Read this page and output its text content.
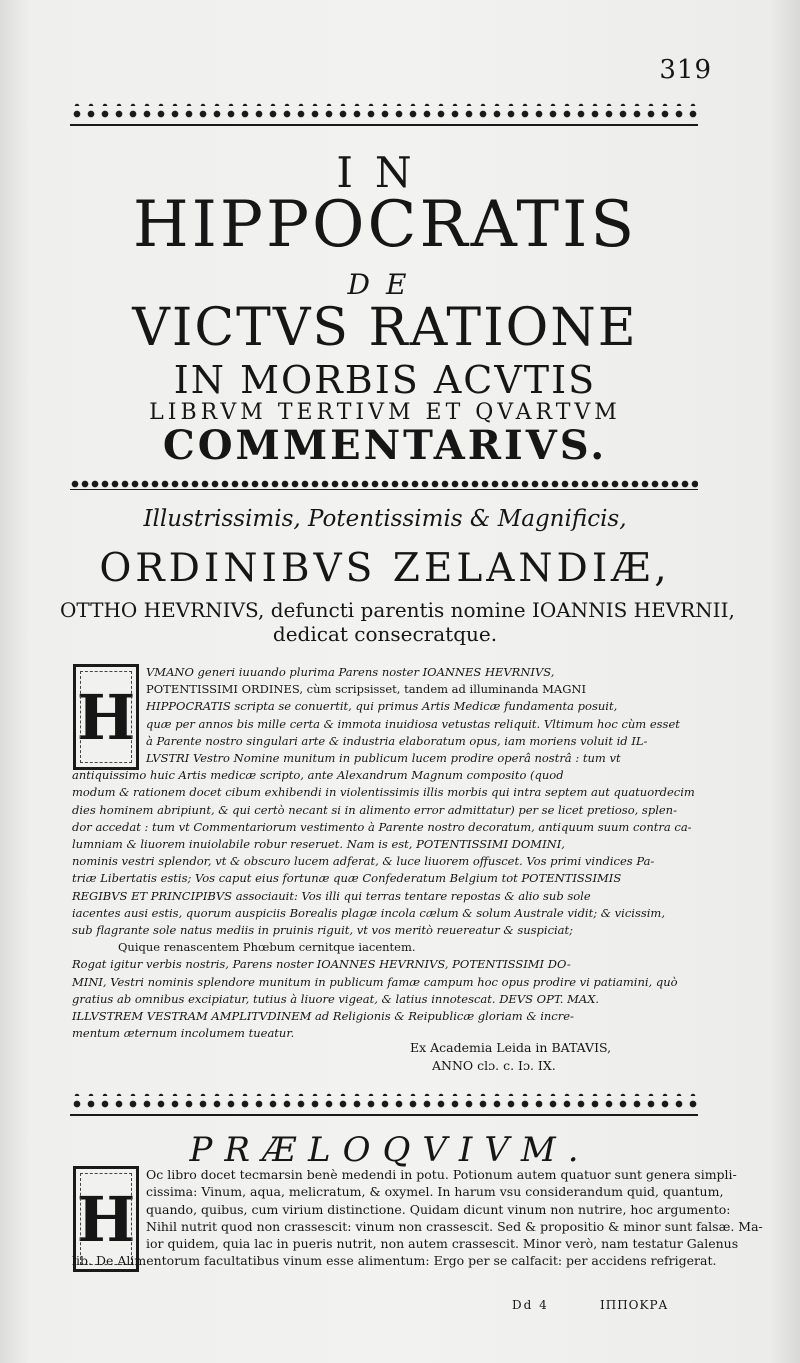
319
IN
HIPPOCRATIS
DE
VICTVS RATIONE
IN MORBIS ACVTIS
LIBRVM TERTIVM ET QVARTVM
COMMENTARIVS.
Illustrissimis, Potentissimis & Magnificis,
ORDINIBVS ZELANDIÆ,
OTTHO HEVRNIVS, defuncti parentis nomine IOANNIS HEVRNII,
dedicat consecratque.
H
VMANO generi iuuando plurima Parens noster IOANNES HEVRNIVS,
POTENTISSIMI ORDINES, cùm scripsisset, tandem ad illuminanda MAGNI
HIPPOCRATIS scripta se conuertit, qui primus Artis Medicæ fundamenta posuit,
quæ per annos bis mille certa & immota inuidiosa vetustas reliquit. Vltimum hoc cùm esset
à Parente nostro singulari arte & industria elaboratum opus, iam moriens voluit id IL-
LVSTRI Vestro Nomine munitum in publicum lucem prodire operâ nostrâ : tum vt
antiquissimo huic Artis medicæ scripto, ante Alexandrum Magnum composito (quod
modum & rationem docet cibum exhibendi in violentissimis illis morbis qui intra septem aut quatuordecim
dies hominem abripiunt, & qui certò necant si in alimento error admittatur) per se licet pretioso, splen-
dor accedat : tum vt Commentariorum vestimento à Parente nostro decoratum, antiquum suum contra ca-
lumniam & liuorem inuiolabile robur reseruet. Nam is est, POTENTISSIMI DOMINI,
nominis vestri splendor, vt & obscuro lucem adferat, & luce liuorem offuscet. Vos primi vindices Pa-
triæ Libertatis estis; Vos caput eius fortunæ quæ Confederatum Belgium tot POTENTISSIMIS
REGIBVS ET PRINCIPIBVS associauit: Vos illi qui terras tentare repostas & alio sub sole
iacentes ausi estis, quorum auspiciis Borealis plagæ incola cælum & solum Australe vidit; & vicissim,
sub flagrante sole natus mediis in pruinis riguit, vt vos meritò reuereatur & suspiciat;
Quique renascentem Phœbum cernitque iacentem.
Rogat igitur verbis nostris, Parens noster IOANNES HEVRNIVS, POTENTISSIMI DO-
MINI, Vestri nominis splendore munitum in publicum famæ campum hoc opus prodire vi patiamini, quò
gratius ab omnibus excipiatur, tutius à liuore vigeat, & latius innotescat. DEVS OPT. MAX.
ILLVSTREM VESTRAM AMPLITVDINEM ad Religionis & Reipublicæ gloriam & incre-
mentum æternum incolumem tueatur.
Ex Academia Leida in BATAVIS,
ANNO clɔ. c. Iɔ. IX.
PRÆLOQVIVM.
H
Oc libro docet tecmarsin benè medendi in potu. Potionum autem quatuor sunt genera simpli-
cissima: Vinum, aqua, melicratum, & oxymel. In harum vsu considerandum quid, quantum,
quando, quibus, cum virium distinctione. Quidam dicunt vinum non nutrire, hoc argumento:
Nihil nutrit quod non crassescit: vinum non crassescit. Sed & propositio & minor sunt falsæ. Ma-
ior quidem, quia lac in pueris nutrit, non autem crassescit. Minor verò, nam testatur Galenus
lib. De Alimentorum facultatibus vinum esse alimentum: Ergo per se calfacit: per accidens refrigerat.
Dd 4	ΙΠΠΟΚΡΑ
